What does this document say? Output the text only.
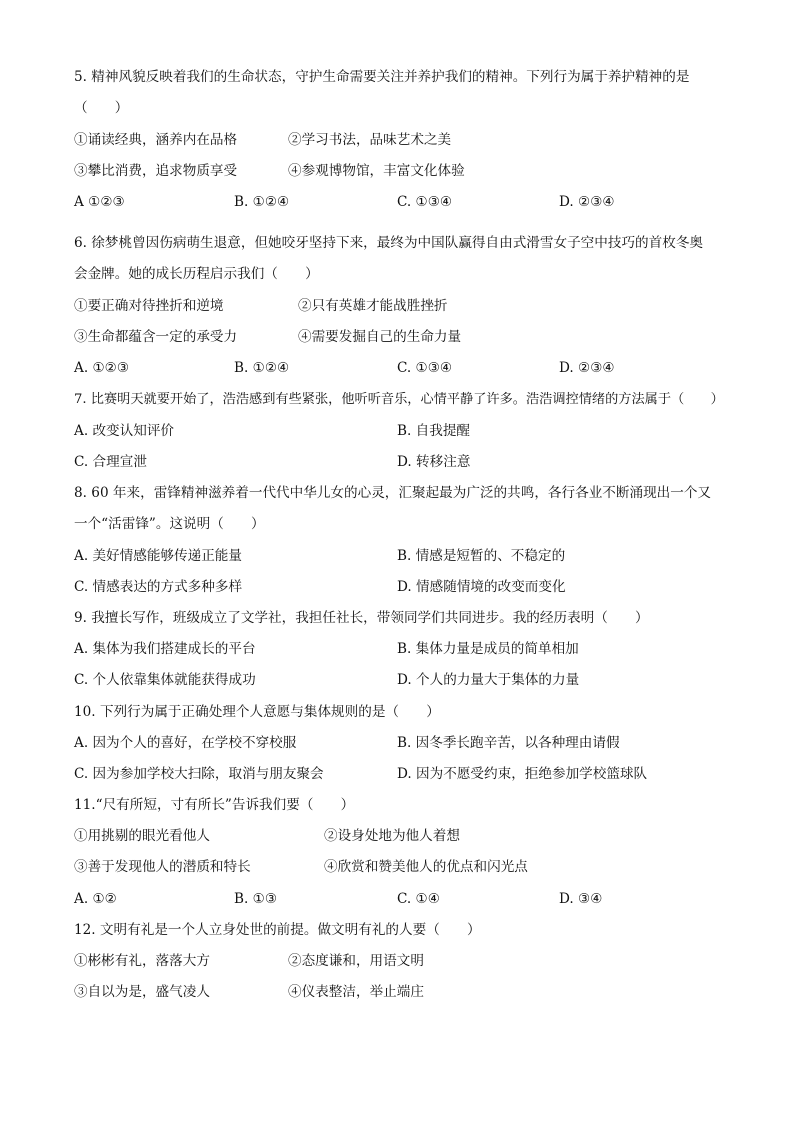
5. 精神风貌反映着我们的生命状态，守护生命需要关注并养护我们的精神。下列行为属于养护精神的是
（　　）
①诵读经典，涵养内在品格	②学习书法，品味艺术之美
③攀比消费，追求物质享受	④参观博物馆，丰富文化体验
A ①②③	B. ①②④	C. ①③④	D. ②③④
6. 徐梦桃曾因伤病萌生退意，但她咬牙坚持下来，最终为中国队赢得自由式滑雪女子空中技巧的首枚冬奥
会金牌。她的成长历程启示我们（　　）
①要正确对待挫折和逆境	②只有英雄才能战胜挫折
③生命都蕴含一定的承受力	④需要发掘自己的生命力量
A. ①②③	B. ①②④	C. ①③④	D. ②③④
7. 比赛明天就要开始了，浩浩感到有些紧张，他听听音乐，心情平静了许多。浩浩调控情绪的方法属于（　　）
A. 改变认知评价	B. 自我提醒
C. 合理宣泄	D. 转移注意
8. 60 年来，雷锋精神滋养着一代代中华儿女的心灵，汇聚起最为广泛的共鸣，各行各业不断涌现出一个又
一个“活雷锋”。这说明（　　）
A. 美好情感能够传递正能量	B. 情感是短暂的、不稳定的
C. 情感表达的方式多种多样	D. 情感随情境的改变而变化
9. 我擅长写作，班级成立了文学社，我担任社长，带领同学们共同进步。我的经历表明（　　）
A. 集体为我们搭建成长的平台	B. 集体力量是成员的简单相加
C. 个人依靠集体就能获得成功	D. 个人的力量大于集体的力量
10. 下列行为属于正确处理个人意愿与集体规则的是（　　）
A. 因为个人的喜好，在学校不穿校服	B. 因冬季长跑辛苦，以各种理由请假
C. 因为参加学校大扫除，取消与朋友聚会	D. 因为不愿受约束，拒绝参加学校篮球队
11.“尺有所短，寸有所长”告诉我们要（　　）
①用挑剔的眼光看他人	②设身处地为他人着想
③善于发现他人的潜质和特长	④欣赏和赞美他人的优点和闪光点
A. ①②	B. ①③	C. ①④	D. ③④
12. 文明有礼是一个人立身处世的前提。做文明有礼的人要（　　）
①彬彬有礼，落落大方	②态度谦和，用语文明
③自以为是，盛气凌人	④仪表整洁，举止端庄
